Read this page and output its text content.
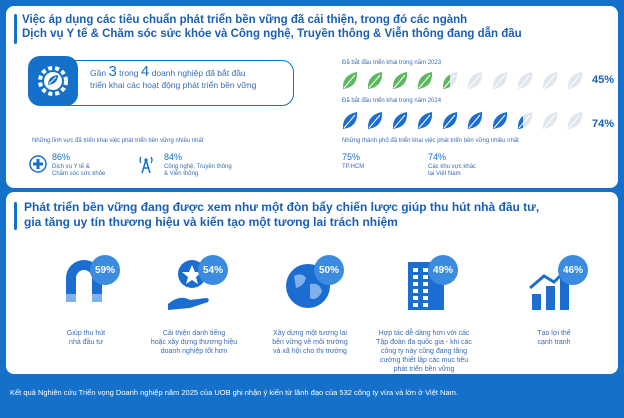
Việc áp dụng các tiêu chuẩn phát triển bền vững đã cải thiện, trong đó các ngành
Dịch vụ Y tế & Chăm sóc sức khỏe và Công nghệ, Truyền thông & Viễn thông đang dẫn đầu
Gần 3 trong 4 doanh nghiệp đã bắt đầu
triển khai các hoạt động phát triển bền vững
Những lĩnh vực đã triển khai việc phát triển bền vững nhiều nhất
86%
Dịch vụ Y tế &
Chăm sóc sức khỏe
84%
Công nghệ, Truyền thông
& Viễn thông
Đã bắt đầu triển khai trong năm 2023
45%
Đã bắt đầu triển khai trong năm 2024
74%
Những thành phố đã triển khai việc phát triển bền vững nhiều nhất
75%
TP.HCM
74%
Các khu vực khác
tại Việt Nam
Phát triển bền vững đang được xem như một đòn bẩy chiến lược giúp thu hút nhà đầu tư,
gia tăng uy tín thương hiệu và kiến tạo một tương lai trách nhiệm
59%
Giúp thu hút
nhà đầu tư
54%
Cải thiện danh tiếng
hoặc xây dựng thương hiệu
doanh nghiệp tốt hơn
50%
Xây dựng một tương lai
bền vững về môi trường
và xã hội cho thị trường
49%
Hợp tác dễ dàng hơn với các
Tập đoàn đa quốc gia - khi các
công ty này cũng đang tăng
cường thiết lập các mục tiêu
phát triển bền vững
46%
Tạo lợi thế
cạnh tranh
Kết quả Nghiên cứu Triển vọng Doanh nghiệp năm 2025 của UOB ghi nhận ý kiến từ lãnh đạo của 532 công ty vừa và lớn ở Việt Nam.
